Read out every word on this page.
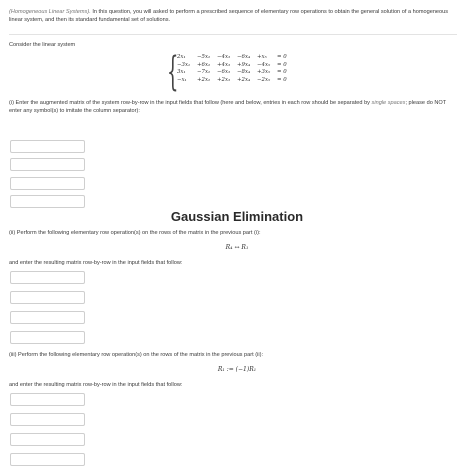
(Homogeneous Linear Systems). In this question, you will asked to perform a prescribed sequence of elementary row operations to obtain the general solution of a homogeneous linear system, and then its standard fundamental set of solutions.
Consider the linear system
{
2x₁	−5x₂	−4x₃	−6x₄	+x₅	= 0
−3x₁	+6x₂	+4x₃	+9x₄	−4x₅	= 0
3x₁	−7x₂	−6x₃	−8x₄	+3x₅	= 0
−x₁	+2x₂	+2x₃	+2x₄	−2x₅	= 0
(i) Enter the augmented matrix of the system row-by-row in the input fields that follow (here and below, entries in each row should be separated by single spaces; please do NOT enter any symbol(s) to imitate the column separator):
Gaussian Elimination
(ii) Perform the following elementary row operation(s) on the rows of the matrix in the previous part (i):
R₄ ↔ R₁
and enter the resulting matrix row-by-row in the input fields that follow:
(iii) Perform the following elementary row operation(s) on the rows of the matrix in the previous part (ii):
R₁ := (−1)R₁
and enter the resulting matrix row-by-row in the input fields that follow:
